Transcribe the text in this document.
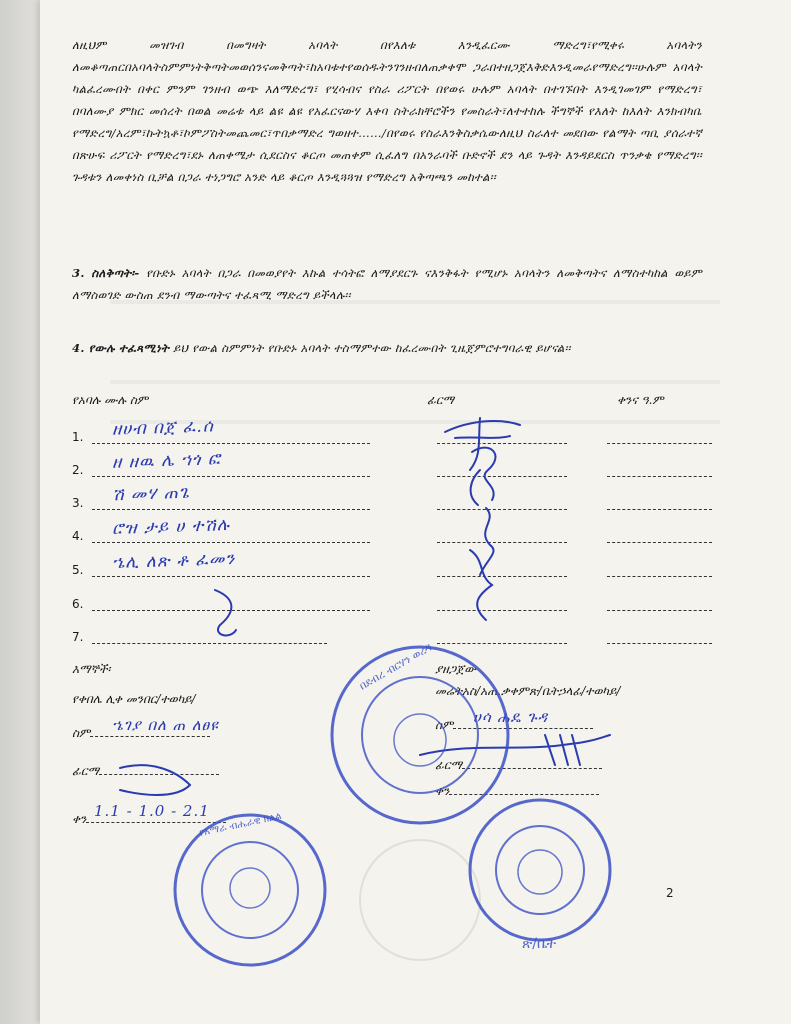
ለዚህም መዝገብ በመግዛት አባላት በየእለቱ እንዲፈርሙ ማድረግ፣የሚቀሩ አባላትን ለመቆጣጠርበአባላትስምምነትቅጣትመወሰንናመቅጣት፣ከአባቱተየወሰዱትንገንዘብለጠቃቀሞ ጋራበተዘጋጀእቅድእንዲመራየማድረግ፡፡ሁሉም አባላት ካልፈረሙበት በቀር ምንም ገንዘብ ወጭ እለማድረግ፣ የሂሳብና የስራ ሪፖርት በየወሩ ሁሉም አባላት በተገኙበት እንዲገመገም የማድረግ፣ በባለሙያ ምክር መሰረት በወል መሬቱ ላይ ልዩ ልዩ የአፈርናውሃ እቀባ ስትራክቸሮችን የመስራት፣ለተተከሉ ችግኞች የእለት ከእለት እንክብካቤ የማድረግ/አረም፣ኩትኳቶ፣ኮምፖስትመጨመር፣ጥበቃማድረ ግወዘተ……/በየወሩ የስራእንቅስቃሴውለዚህ ስራለተ መደበው የልማት ጣቢ ያሰራተኛ በጽሁፍ ሪፖርት የማድረግ፣ደኑ ለጠቀሜታ ሲደርስና ቆርጦ መጠቀም ሲፈለግ በአንራባች ቡድኖች ደን ላይ ጉዳት እንዳይደርስ ጥንቃቄ የማድረግ፡፡ ጉዳቱን ለመቀነስ ቢቻል በጋራ ተነጋግሮ አንድ ላይ ቆርጦ እንዲጓጓዝ የማድረግ አቅጣጫን መከተል፡፡

3. ስለቅጣት፡- የቡድኑ አባላት በጋራ በመወያየት እኩል ተሳትፎ ለማያደርጉ ናእንቅፋት የሚሆኑ አባላትን ለመቅጣትና ለማስተካከል ወይም ለማስወገድ ውስጠ ደንብ ማውጣትና ተፈጻሚ ማድረግ ይችላሉ፡፡

4. የውሉ ተፈጻሚነት ይህ የውል ስምምነት የቡድኑ አባላት ተስማምተው ከፈረሙበት ጊዜጀምሮተግባራዊ ይሆናል፡፡

የአባሉ ሙሉ ስም	ፊርማ	ቀንና ዓ.ም
1. ዘሀብ በጀ ፈ.ሰ
2. ዘ ዘዉ ሌ ኀጎ ፎ
3. ሽ መሃ ጠጌ
4. ሮዝ ታይ ሀ ተሽሉ
5. ኄሊ ለጽ ቶ ፈመን
6.
7.
እማኞች፡
የቀበሌ ሊቀ መንበር/ተወካይ/
ስም	ኄገያ በለ ጠ ለፀዩ
ፊርማ
ቀን 1.1 - 1.0 - 2.1
ያዘጋጀው
መሬትአስ/አጠ.ቃቀምጽ/ቤትኃላፊ/ተወካይ/
ስም	ሀሳ ሐዴ ጉዳ
ፊርማ
ቀን
በደብረ ብርሃን ወረዳ
የአማራ ብሔራዊ ክልል
ጽ/ቤት
2
